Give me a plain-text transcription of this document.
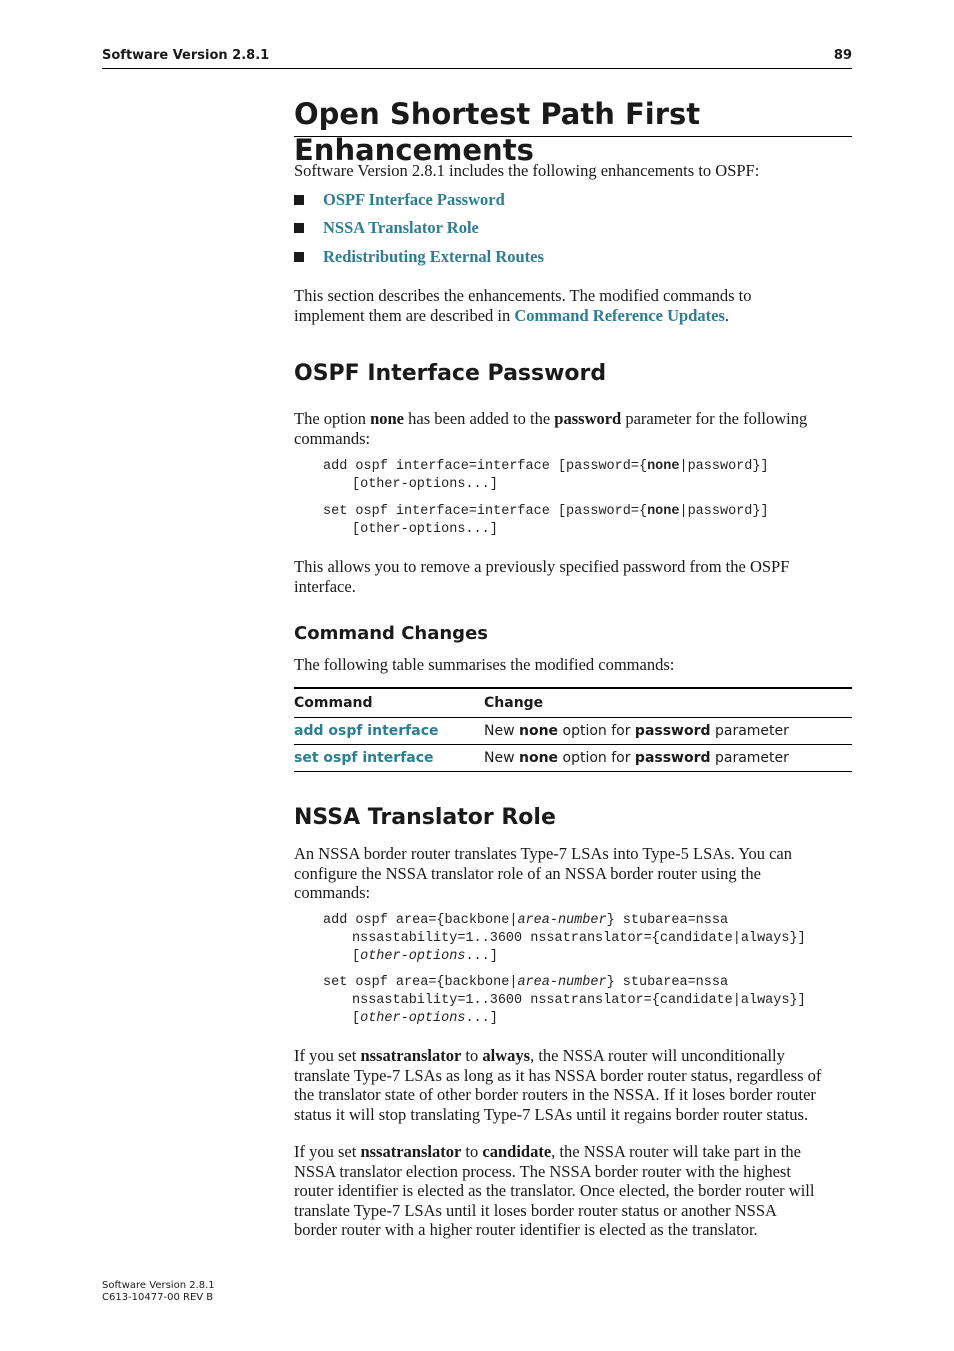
Software Version 2.8.1	89
Open Shortest Path First Enhancements

Software Version 2.8.1 includes the following enhancements to OSPF:

OSPF Interface Password
NSSA Translator Role
Redistributing External Routes

This section describes the enhancements. The modified commands to
implement them are described in Command Reference Updates.

OSPF Interface Password

The option none has been added to the password parameter for the following
commands:

add ospf interface=interface [password={none|password}]
[other-options...]
set ospf interface=interface [password={none|password}]
[other-options...]

This allows you to remove a previously specified password from the OSPF
interface.

Command Changes

The following table summarises the modified commands:

Command	Change
add ospf interface	New none option for password parameter
set ospf interface	New none option for password parameter
NSSA Translator Role

An NSSA border router translates Type-7 LSAs into Type-5 LSAs. You can
configure the NSSA translator role of an NSSA border router using the
commands:

add ospf area={backbone|area-number} stubarea=nssa
nssastability=1..3600 nssatranslator={candidate|always}]
[other-options...]
set ospf area={backbone|area-number} stubarea=nssa
nssastability=1..3600 nssatranslator={candidate|always}]
[other-options...]

If you set nssatranslator to always, the NSSA router will unconditionally
translate Type-7 LSAs as long as it has NSSA border router status, regardless of
the translator state of other border routers in the NSSA. If it loses border router
status it will stop translating Type-7 LSAs until it regains border router status.

If you set nssatranslator to candidate, the NSSA router will take part in the
NSSA translator election process. The NSSA border router with the highest
router identifier is elected as the translator. Once elected, the border router will
translate Type-7 LSAs until it loses border router status or another NSSA
border router with a higher router identifier is elected as the translator.

Software Version 2.8.1
C613-10477-00 REV B
